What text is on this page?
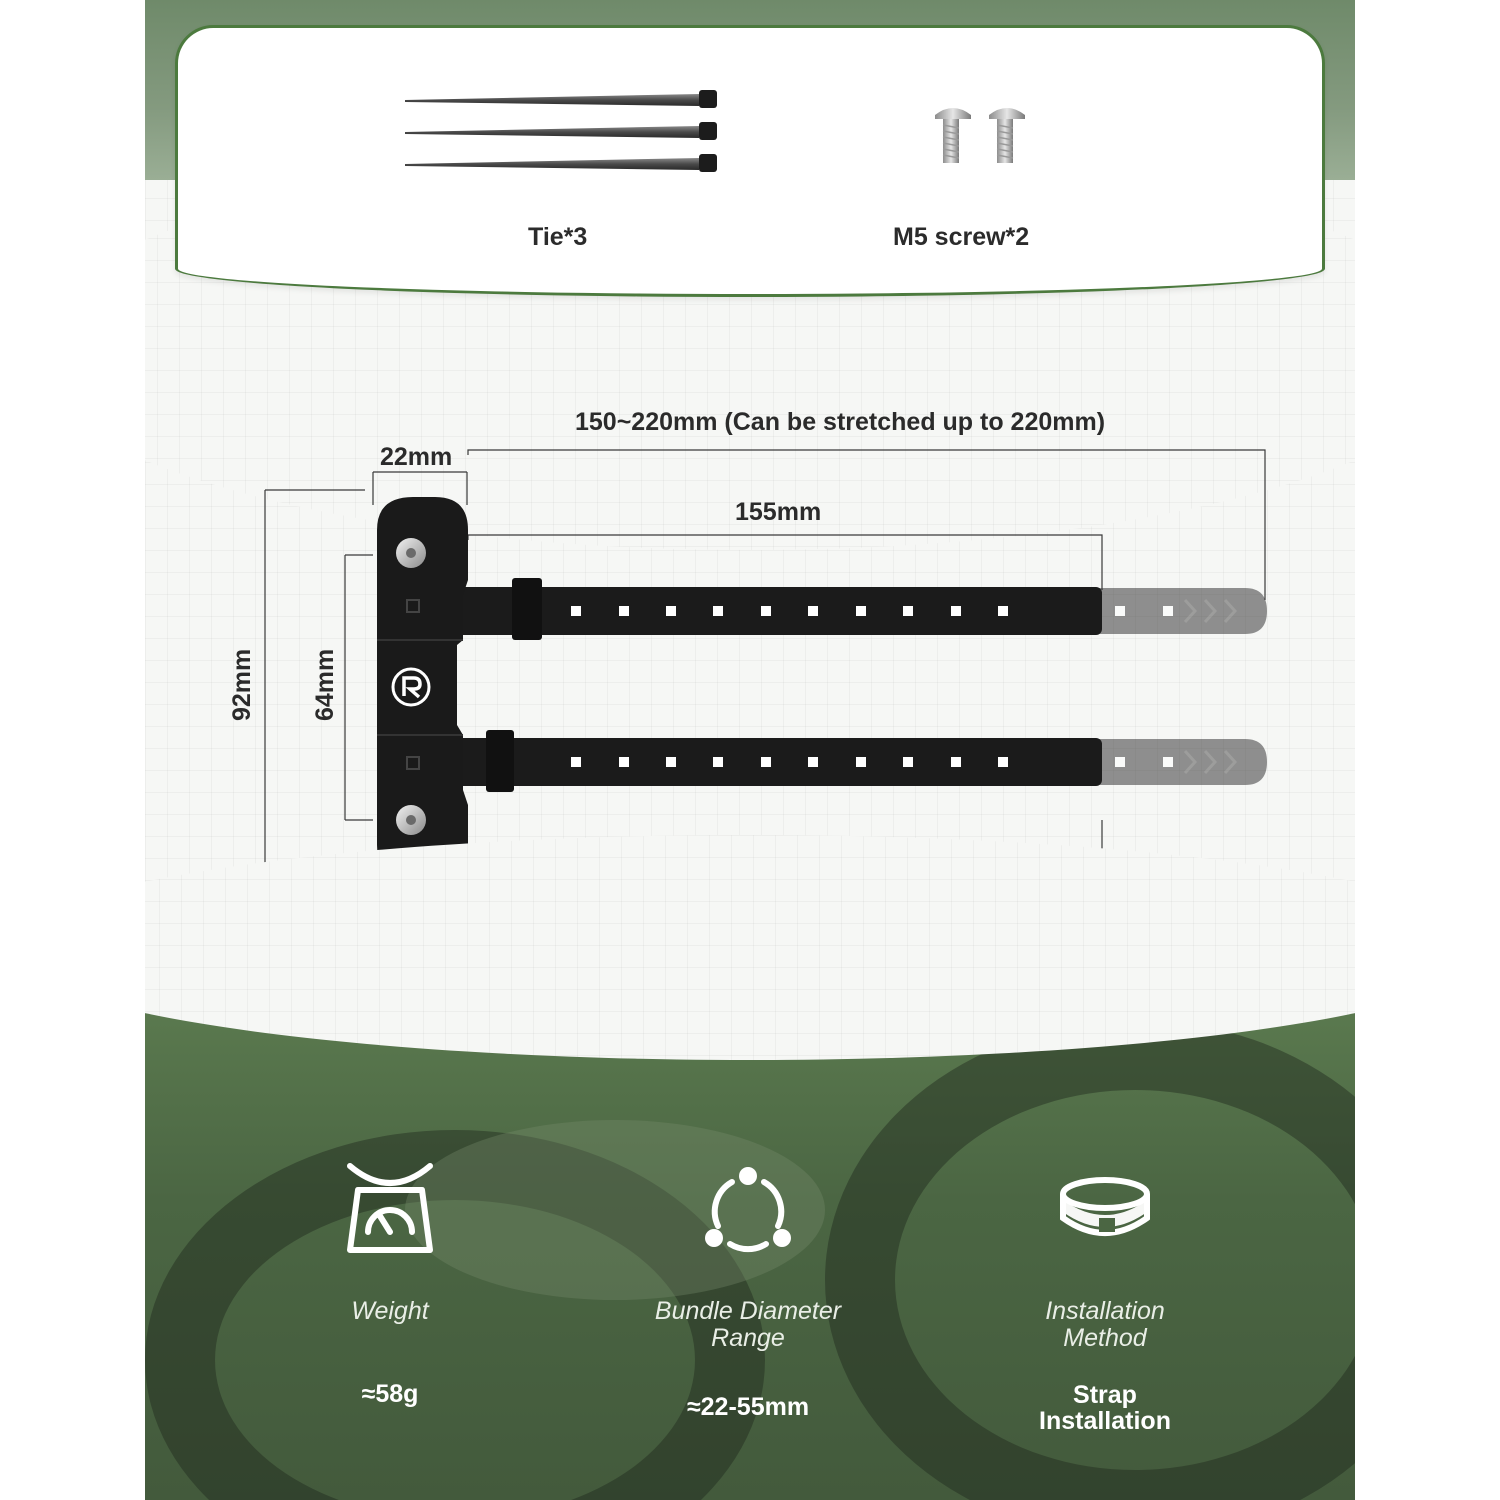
Tie*3	M5 screw*2
150~220mm (Can be stretched up to 220mm)
22mm
155mm
92mm 64mm
Weight
≈58g
Bundle Diameter Range
≈22-55mm
Installation Method
Strap Installation
